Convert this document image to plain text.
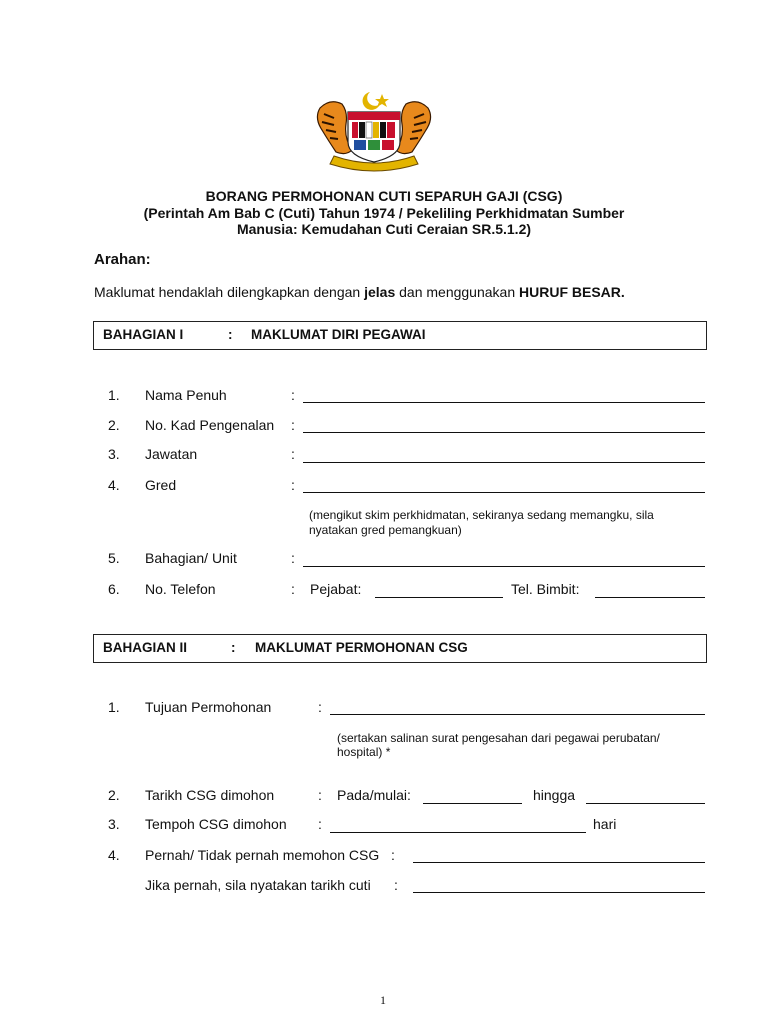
BORANG PERMOHONAN CUTI SEPARUH GAJI (CSG)
(Perintah Am Bab C (Cuti) Tahun 1974 / Pekeliling Perkhidmatan Sumber
Manusia: Kemudahan Cuti Ceraian SR.5.1.2)
Arahan:
Maklumat hendaklah dilengkapkan dengan jelas dan menggunakan HURUF BESAR.
BAHAGIAN I	: MAKLUMAT DIRI PEGAWAI
1. Nama Penuh	:
2. No. Kad Pengenalan :
3. Jawatan	:
4. Gred	:
(mengikut skim perkhidmatan, sekiranya sedang memangku, sila
nyatakan gred pemangkuan)
5. Bahagian/ Unit	:
6. No. Telefon	: Pejabat:	Tel. Bimbit:
BAHAGIAN II	: MAKLUMAT PERMOHONAN CSG
1. Tujuan Permohonan	:
(sertakan salinan surat pengesahan dari pegawai perubatan/
hospital) *
2. Tarikh CSG dimohon	: Pada/mulai:	hingga
3. Tempoh CSG dimohon :	hari
4. Pernah/ Tidak pernah memohon CSG :
Jika pernah, sila nyatakan tarikh cuti :
1
